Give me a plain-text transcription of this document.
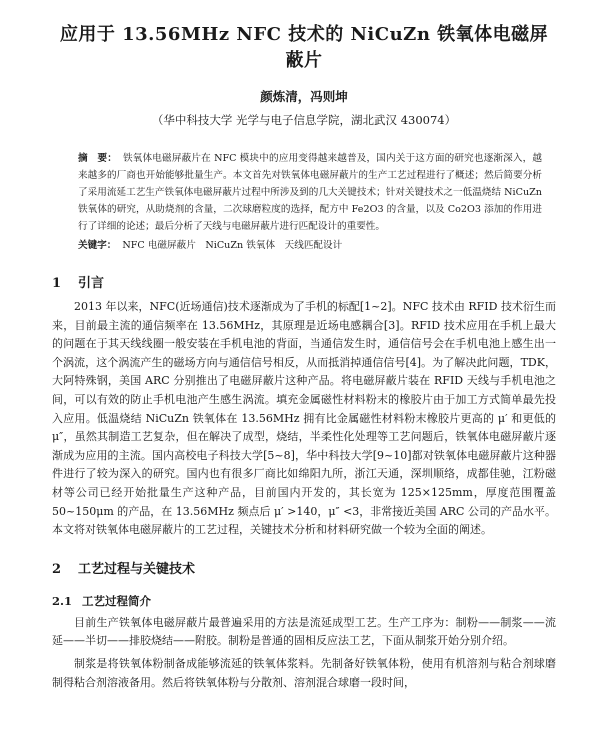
应用于 13.56MHz NFC 技术的 NiCuZn 铁氧体电磁屏蔽片
颜炼清，冯则坤
（华中科技大学 光学与电子信息学院，湖北武汉 430074）
摘　要： 铁氧体电磁屏蔽片在 NFC 模块中的应用变得越来越普及，国内关于这方面的研究也逐渐深入，越来越多的厂商也开始能够批量生产。本文首先对铁氧体电磁屏蔽片的生产工艺过程进行了概述；然后简要分析了采用流延工艺生产铁氧体电磁屏蔽片过程中所涉及到的几大关键技术；针对关键技术之一低温烧结 NiCuZn 铁氧体的研究，从助烧剂的含量，二次球磨粒度的选择，配方中 Fe2O3 的含量，以及 Co2O3 添加的作用进行了详细的论述；最后分析了天线与电磁屏蔽片进行匹配设计的重要性。
关键字： NFC 电磁屏蔽片　NiCuZn 铁氧体　天线匹配设计
1 引言

2013 年以来，NFC(近场通信)技术逐渐成为了手机的标配[1~2]。NFC 技术由 RFID 技术衍生而来，目前最主流的通信频率在 13.56MHz，其原理是近场电感耦合[3]。RFID 技术应用在手机上最大的问题在于其天线线圈一般安装在手机电池的背面，当通信发生时，通信信号会在手机电池上感生出一个涡流，这个涡流产生的磁场方向与通信信号相反，从而抵消掉通信信号[4]。为了解决此问题，TDK，大阿特殊钢，美国 ARC 分别推出了电磁屏蔽片这种产品。将电磁屏蔽片装在 RFID 天线与手机电池之间，可以有效的防止手机电池产生感生涡流。填充金属磁性材料粉末的橡胶片由于加工方式简单最先投入应用。低温烧结 NiCuZn 铁氧体在 13.56MHz 拥有比金属磁性材料粉末橡胶片更高的 μ′ 和更低的 μ″，虽然其制造工艺复杂，但在解决了成型，烧结，半柔性化处理等工艺问题后，铁氧体电磁屏蔽片逐渐成为应用的主流。国内高校电子科技大学[5~8]，华中科技大学[9~10]都对铁氧体电磁屏蔽片这种器件进行了较为深入的研究。国内也有很多厂商比如绵阳九所，浙江天通，深圳顺络，成都佳驰，江粉磁材等公司已经开始批量生产这种产品，目前国内开发的，其长宽为 125×125mm，厚度范围覆盖 50~150μm 的产品，在 13.56MHz 频点后 μ′ >140，μ″ <3，非常接近美国 ARC 公司的产品水平。本文将对铁氧体电磁屏蔽片的工艺过程，关键技术分析和材料研究做一个较为全面的阐述。

2 工艺过程与关键技术
2.1 工艺过程简介

目前生产铁氧体电磁屏蔽片最普遍采用的方法是流延成型工艺。生产工序为：制粉——制浆——流延——半切——排胶烧结——附胶。制粉是普通的固相反应法工艺，下面从制浆开始分别介绍。

制浆是将铁氧体粉制备成能够流延的铁氧体浆料。先制备好铁氧体粉，使用有机溶剂与粘合剂球磨制得粘合剂溶液备用。然后将铁氧体粉与分散剂、溶剂混合球磨一段时间，
